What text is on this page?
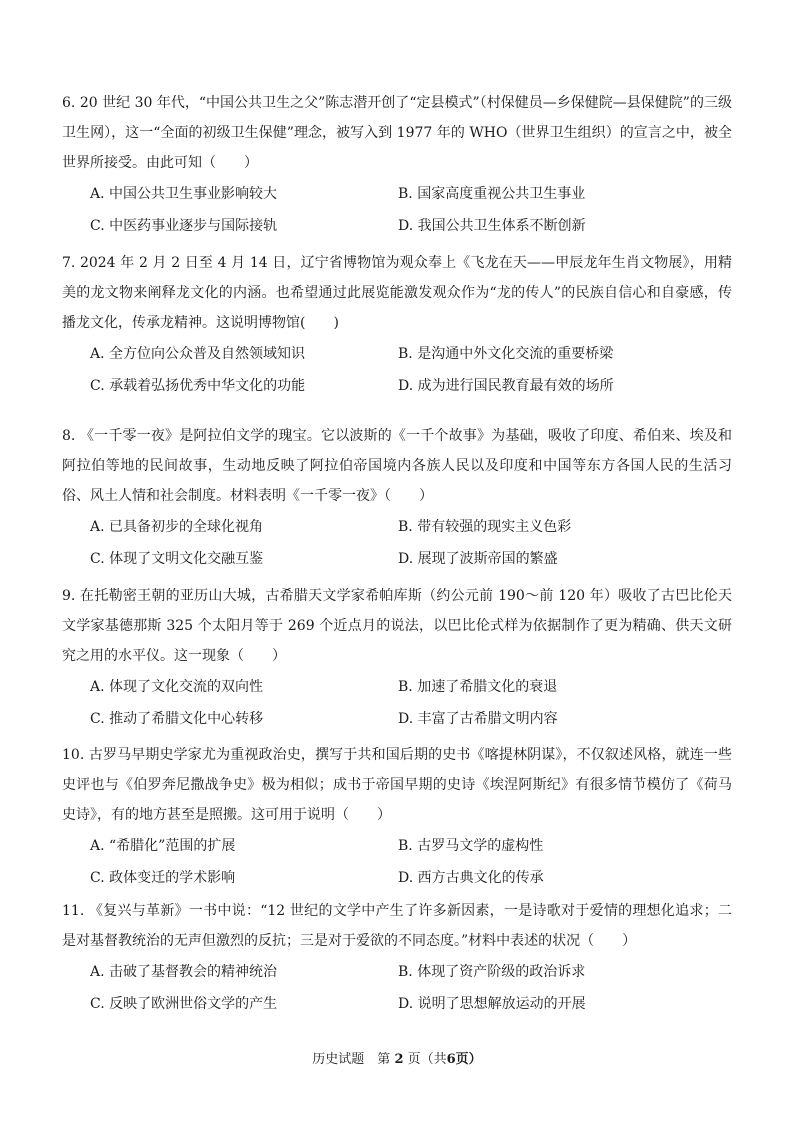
6. 20 世纪 30 年代，“中国公共卫生之父”陈志潜开创了“定县模式”（村保健员—乡保健院—县保健院”的三级卫生网），这一“全面的初级卫生保健”理念，被写入到 1977 年的 WHO（世界卫生组织）的宣言之中，被全世界所接受。由此可知（　　）

A. 中国公共卫生事业影响较大	B. 国家高度重视公共卫生事业
C. 中医药事业逐步与国际接轨	D. 我国公共卫生体系不断创新

7. 2024 年 2 月 2 日至 4 月 14 日，辽宁省博物馆为观众奉上《飞龙在天——甲辰龙年生肖文物展》，用精美的龙文物来阐释龙文化的内涵。也希望通过此展览能激发观众作为“龙的传人”的民族自信心和自豪感，传播龙文化，传承龙精神。这说明博物馆(　　)

A. 全方位向公众普及自然领域知识	B. 是沟通中外文化交流的重要桥梁
C. 承载着弘扬优秀中华文化的功能	D. 成为进行国民教育最有效的场所

8. 《一千零一夜》是阿拉伯文学的瑰宝。它以波斯的《一千个故事》为基础，吸收了印度、希伯来、埃及和阿拉伯等地的民间故事，生动地反映了阿拉伯帝国境内各族人民以及印度和中国等东方各国人民的生活习俗、风土人情和社会制度。材料表明《一千零一夜》（　　）

A. 已具备初步的全球化视角	B. 带有较强的现实主义色彩
C. 体现了文明文化交融互鉴	D. 展现了波斯帝国的繁盛

9. 在托勒密王朝的亚历山大城，古希腊天文学家希帕库斯（约公元前 190～前 120 年）吸收了古巴比伦天文学家基德那斯 325 个太阳月等于 269 个近点月的说法，以巴比伦式样为依据制作了更为精确、供天文研究之用的水平仪。这一现象（　　）

A. 体现了文化交流的双向性	B. 加速了希腊文化的衰退
C. 推动了希腊文化中心转移	D. 丰富了古希腊文明内容

10. 古罗马早期史学家尤为重视政治史，撰写于共和国后期的史书《喀提林阴谋》，不仅叙述风格，就连一些史评也与《伯罗奔尼撒战争史》极为相似；成书于帝国早期的史诗《埃涅阿斯纪》有很多情节模仿了《荷马史诗》，有的地方甚至是照搬。这可用于说明（　　）

A. “希腊化”范围的扩展	B. 古罗马文学的虚构性
C. 政体变迁的学术影响	D. 西方古典文化的传承

11. 《复兴与革新》一书中说：“12 世纪的文学中产生了许多新因素，一是诗歌对于爱情的理想化追求；二是对基督教统治的无声但激烈的反抗；三是对于爱欲的不同态度。”材料中表述的状况（　　）

A. 击破了基督教会的精神统治	B. 体现了资产阶级的政治诉求
C. 反映了欧洲世俗文学的产生	D. 说明了思想解放运动的开展
历史试题　第 2 页（共6页）
